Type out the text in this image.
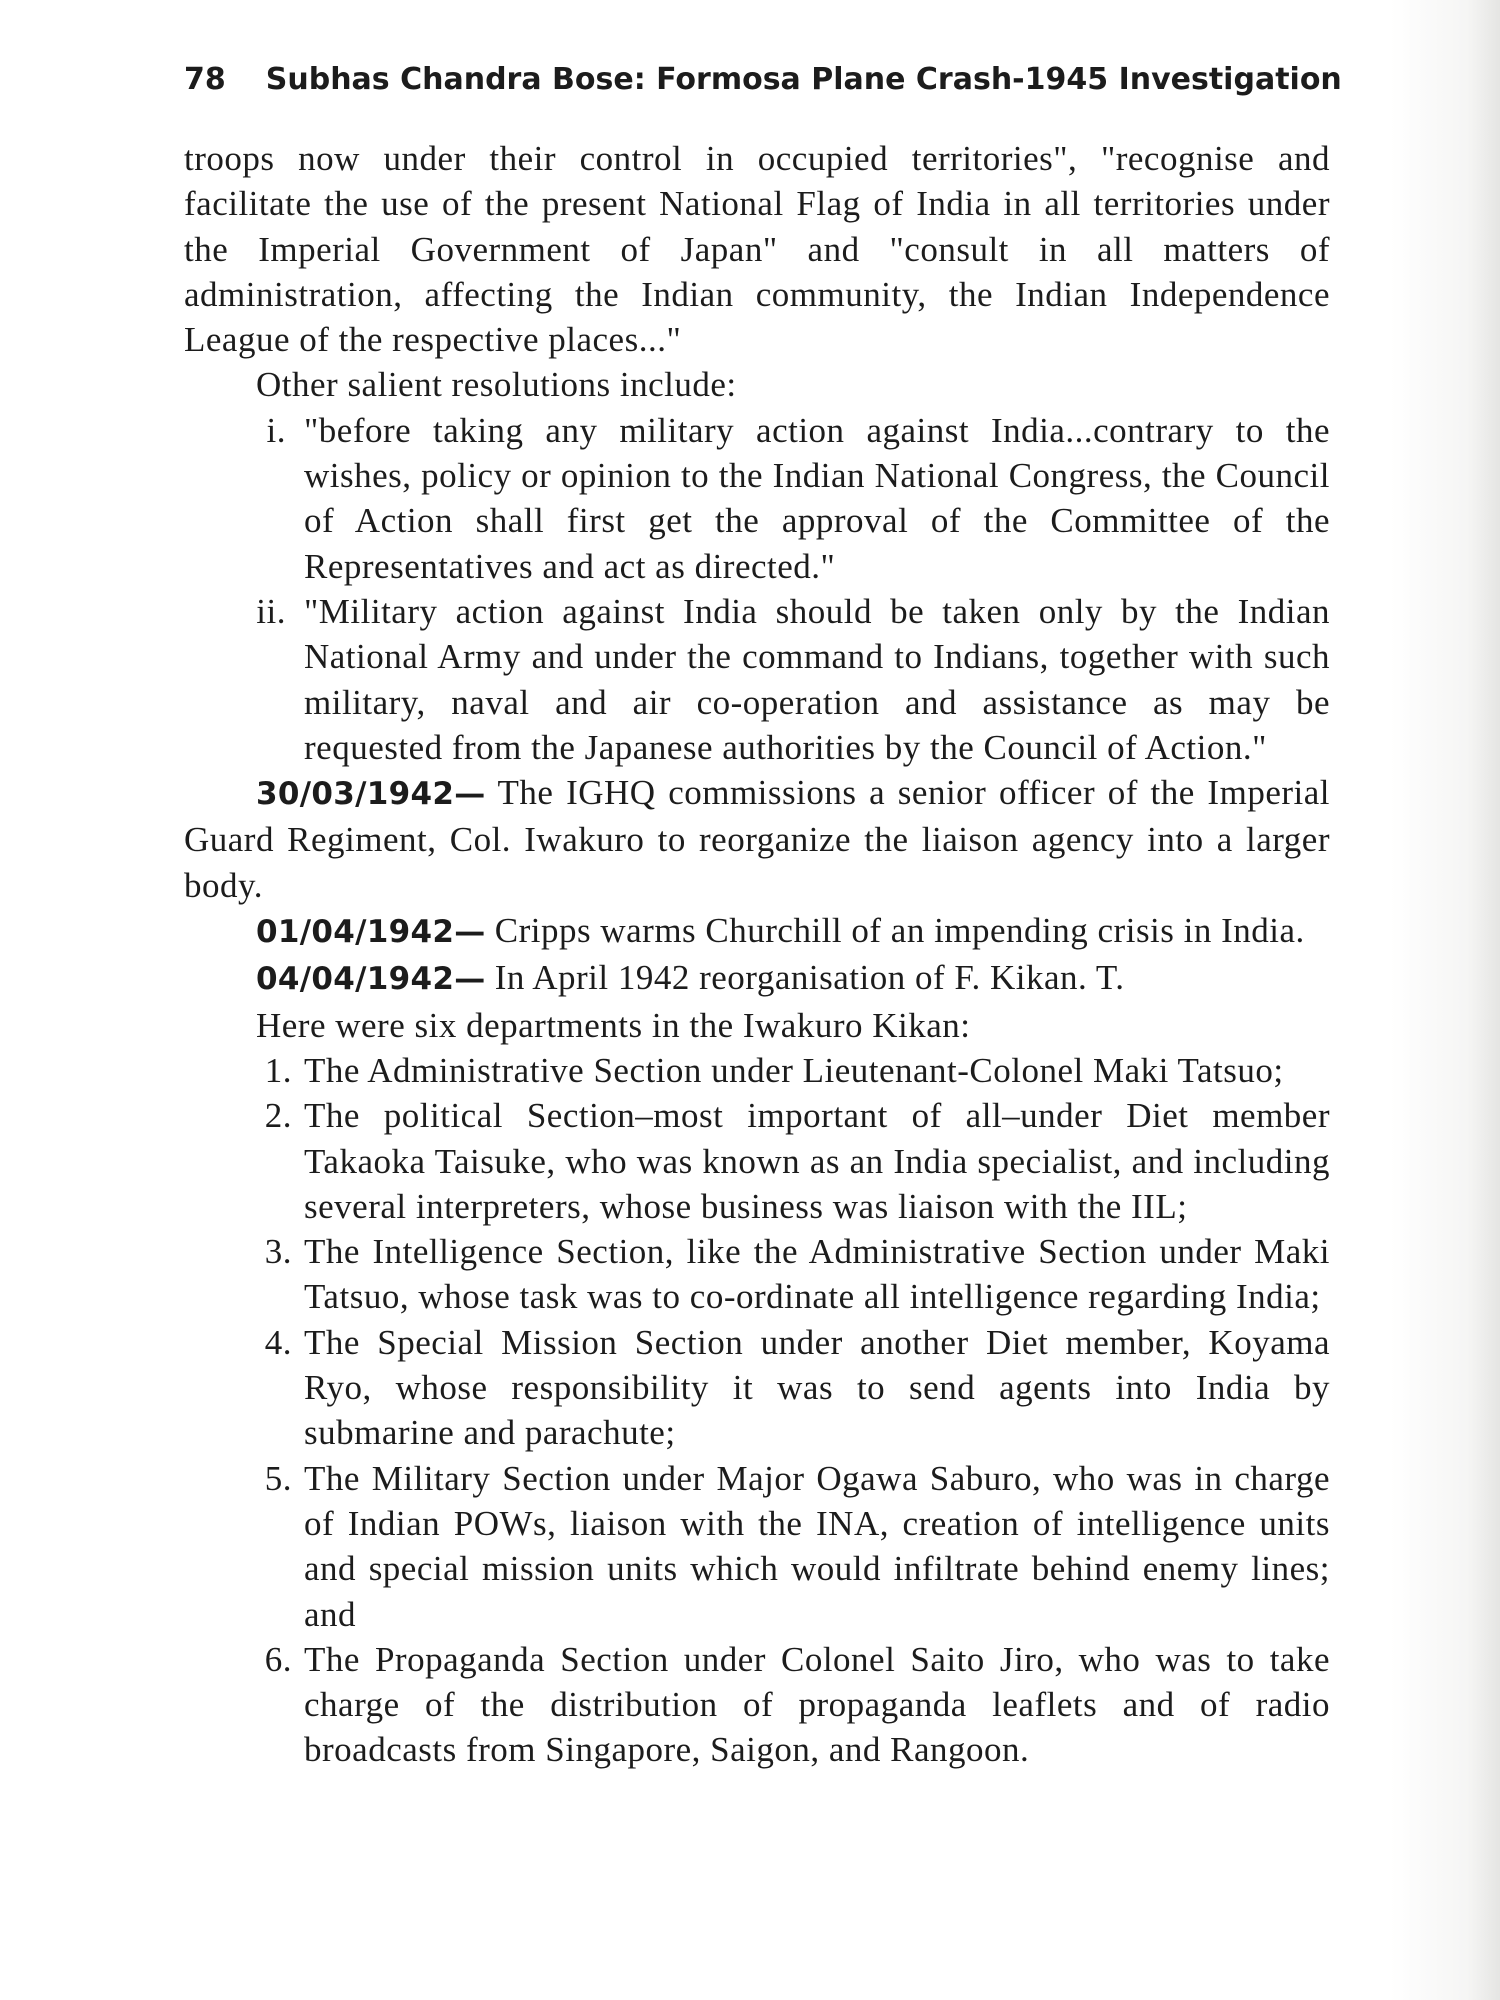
78 Subhas Chandra Bose: Formosa Plane Crash-1945 Investigation

troops now under their control in occupied territories", "recognise and facilitate the use of the present National Flag of India in all territories under the Imperial Government of Japan" and "consult in all matters of administration, affecting the Indian community, the Indian Independence League of the respective places..."

Other salient resolutions include:

i. "before taking any military action against India...contrary to the wishes, policy or opinion to the Indian National Congress, the Council of Action shall first get the approval of the Committee of the Representatives and act as directed."
ii. "Military action against India should be taken only by the Indian National Army and under the command to Indians, together with such military, naval and air co-operation and assistance as may be requested from the Japanese authorities by the Council of Action."

30/03/1942— The IGHQ commissions a senior officer of the Imperial Guard Regiment, Col. Iwakuro to reorganize the liaison agency into a larger body.

01/04/1942— Cripps warms Churchill of an impending crisis in India.

04/04/1942— In April 1942 reorganisation of F. Kikan. T.

Here were six departments in the Iwakuro Kikan:

1. The Administrative Section under Lieutenant-Colonel Maki Tatsuo;
2. The political Section–most important of all–under Diet member Takaoka Taisuke, who was known as an India specialist, and including several interpreters, whose business was liaison with the IIL;
3. The Intelligence Section, like the Administrative Section under Maki Tatsuo, whose task was to co-ordinate all intelligence regarding India;
4. The Special Mission Section under another Diet member, Koyama Ryo, whose responsibility it was to send agents into India by submarine and parachute;
5. The Military Section under Major Ogawa Saburo, who was in charge of Indian POWs, liaison with the INA, creation of intelligence units and special mission units which would infiltrate behind enemy lines; and
6. The Propaganda Section under Colonel Saito Jiro, who was to take charge of the distribution of propaganda leaflets and of radio broadcasts from Singapore, Saigon, and Rangoon.
